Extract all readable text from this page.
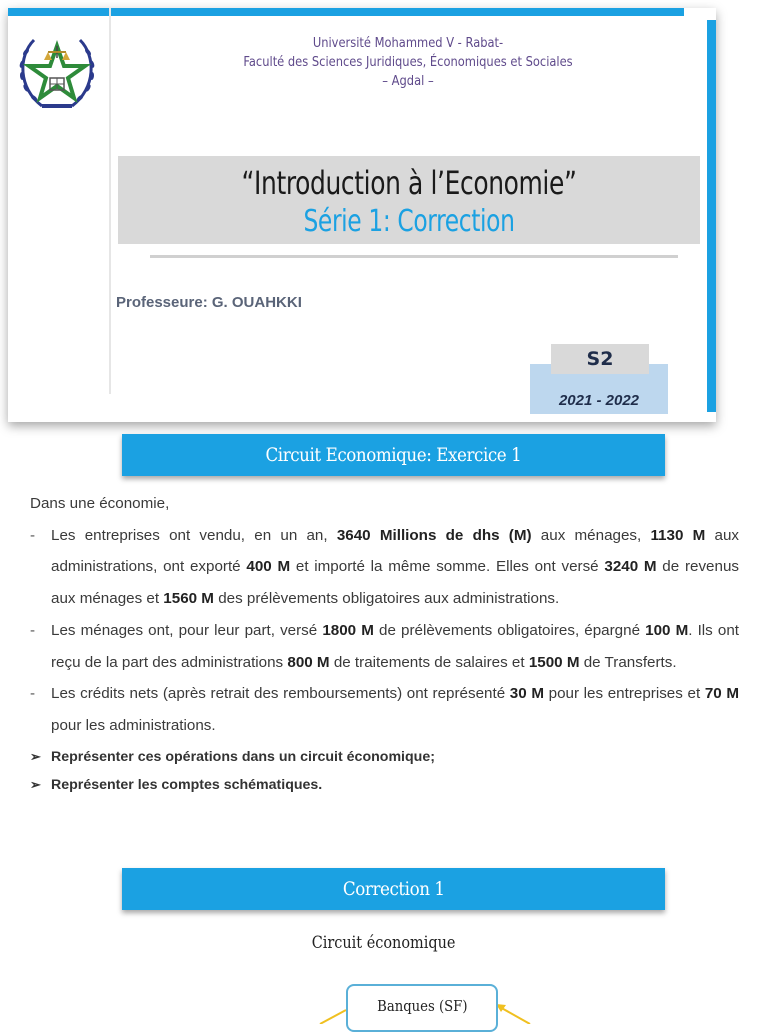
Université Mohammed V - Rabat-
Faculté des Sciences Juridiques, Économiques et Sociales
– Agdal –
“Introduction à l’Economie”
Série 1: Correction
Professeure: G. OUAHKKI
2021 - 2022
S2
Circuit Economique: Exercice 1

Dans une économie,

- Les entreprises ont vendu, en un an, 3640 Millions de dhs (M) aux ménages, 1130 M aux administrations, ont exporté 400 M et importé la même somme. Elles ont versé 3240 M de revenus aux ménages et 1560 M des prélèvements obligatoires aux administrations.
- Les ménages ont, pour leur part, versé 1800 M de prélèvements obligatoires, épargné 100 M. Ils ont reçu de la part des administrations 800 M de traitements de salaires et 1500 M de Transferts.
- Les crédits nets (après retrait des remboursements) ont représenté 30 M pour les entreprises et 70 M pour les administrations.
➢ Représenter ces opérations dans un circuit économique;
➢ Représenter les comptes schématiques.
Correction 1
Circuit économique
Banques (SF)
